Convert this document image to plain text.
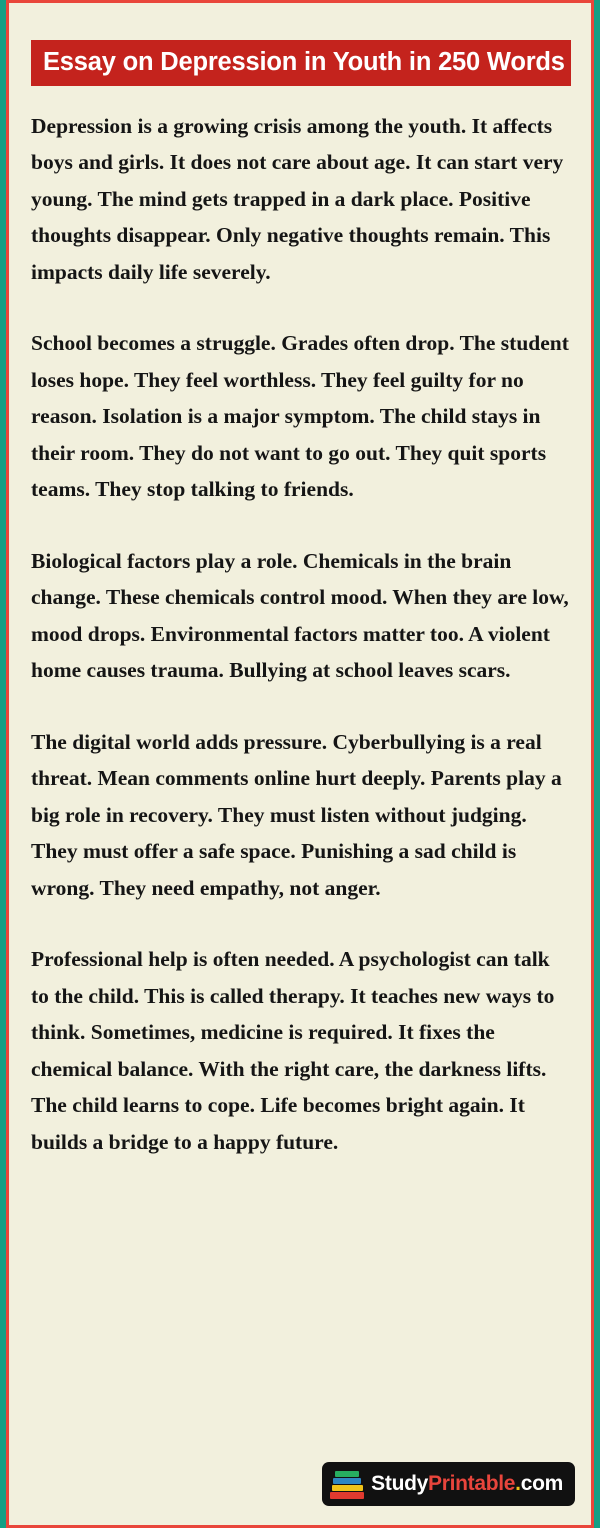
Essay on Depression in Youth in 250 Words

Depression is a growing crisis among the youth. It affects boys and girls. It does not care about age. It can start very young. The mind gets trapped in a dark place. Positive thoughts disappear. Only negative thoughts remain. This impacts daily life severely.

School becomes a struggle. Grades often drop. The student loses hope. They feel worthless. They feel guilty for no reason. Isolation is a major symptom. The child stays in their room. They do not want to go out. They quit sports teams. They stop talking to friends.

Biological factors play a role. Chemicals in the brain change. These chemicals control mood. When they are low, mood drops. Environmental factors matter too. A violent home causes trauma. Bullying at school leaves scars.

The digital world adds pressure. Cyberbullying is a real threat. Mean comments online hurt deeply. Parents play a big role in recovery. They must listen without judging. They must offer a safe space. Punishing a sad child is wrong. They need empathy, not anger.

Professional help is often needed. A psychologist can talk to the child. This is called therapy. It teaches new ways to think. Sometimes, medicine is required. It fixes the chemical balance. With the right care, the darkness lifts. The child learns to cope. Life becomes bright again. It builds a bridge to a happy future.

StudyPrintable.com
